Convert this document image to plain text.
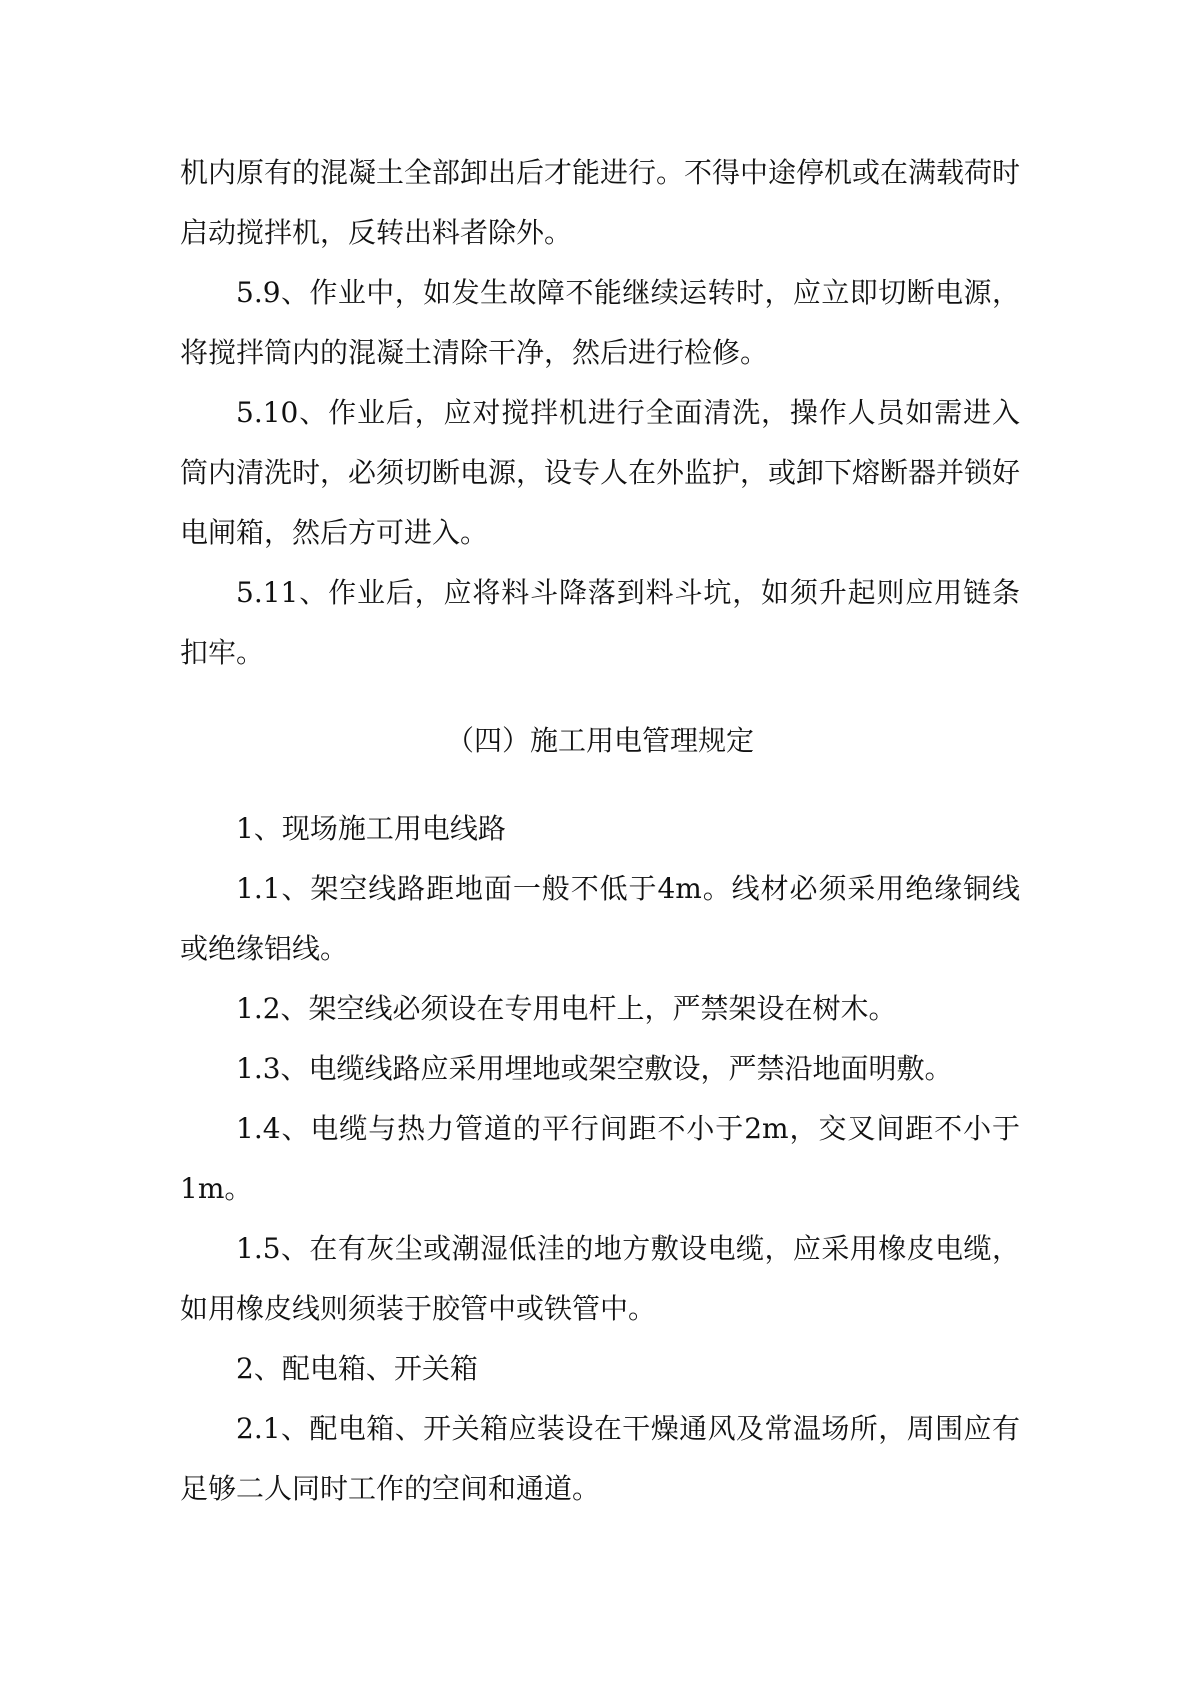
机内原有的混凝土全部卸出后才能进行。不得中途停机或在满载荷时启动搅拌机，反转出料者除外。

5.9、作业中，如发生故障不能继续运转时，应立即切断电源，将搅拌筒内的混凝土清除干净，然后进行检修。

5.10、作业后，应对搅拌机进行全面清洗，操作人员如需进入筒内清洗时，必须切断电源，设专人在外监护，或卸下熔断器并锁好电闸箱，然后方可进入。

5.11、作业后，应将料斗降落到料斗坑，如须升起则应用链条扣牢。

（四）施工用电管理规定

1、现场施工用电线路

1.1、架空线路距地面一般不低于4m。线材必须采用绝缘铜线或绝缘铝线。

1.2、架空线必须设在专用电杆上，严禁架设在树木。

1.3、电缆线路应采用埋地或架空敷设，严禁沿地面明敷。

1.4、电缆与热力管道的平行间距不小于2m，交叉间距不小于1m。

1.5、在有灰尘或潮湿低洼的地方敷设电缆，应采用橡皮电缆，如用橡皮线则须装于胶管中或铁管中。

2、配电箱、开关箱

2.1、配电箱、开关箱应装设在干燥通风及常温场所，周围应有足够二人同时工作的空间和通道。
